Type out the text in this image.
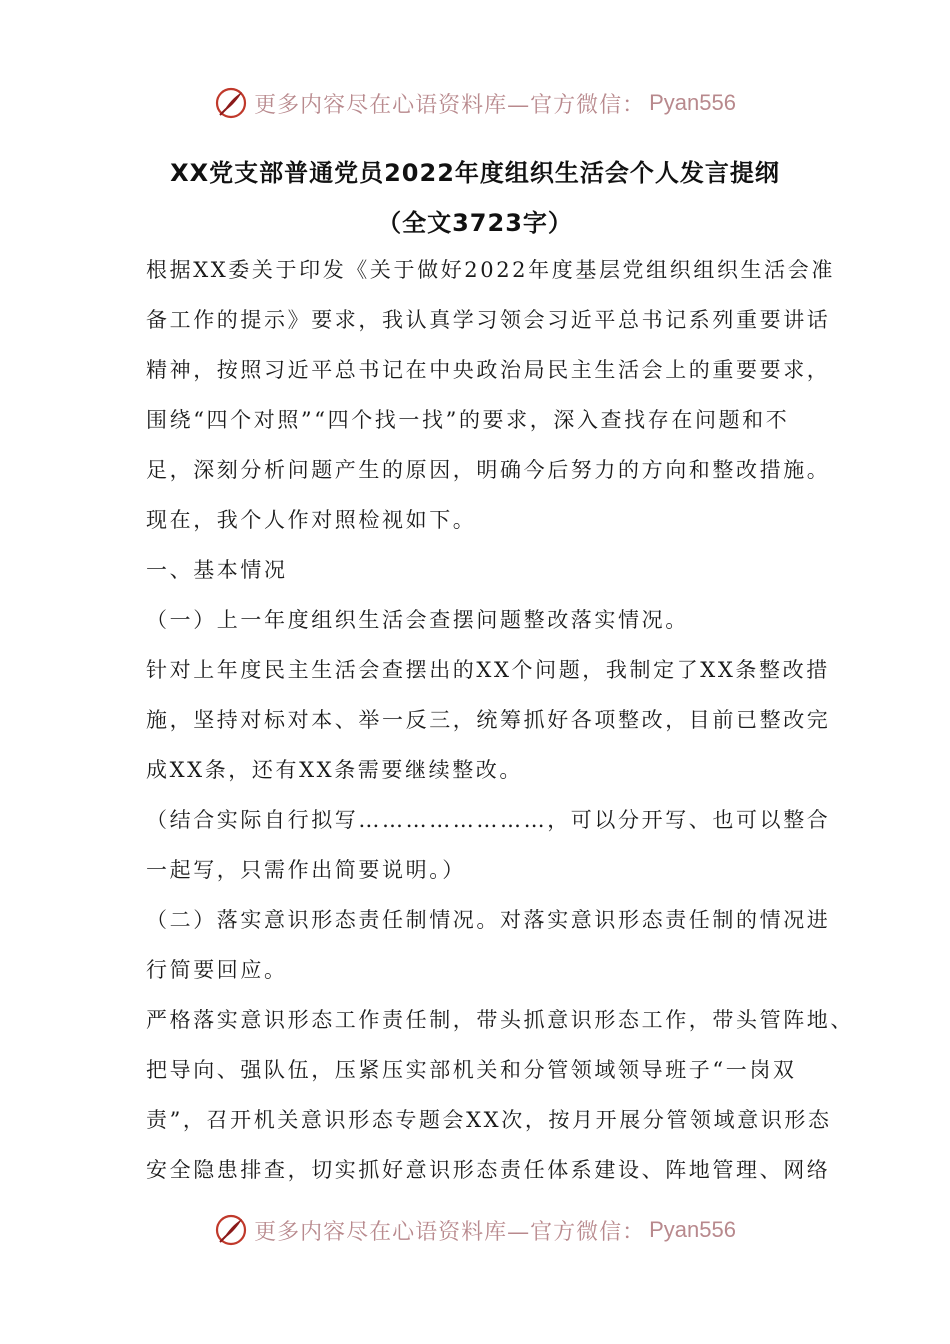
更多内容尽在心语资料库—官方微信： Pyan556
XX党支部普通党员2022年度组织生活会个人发言提纲
（全文3723字）
根据XX委关于印发《关于做好2022年度基层党组织组织生活会准
备工作的提示》要求，我认真学习领会习近平总书记系列重要讲话
精神，按照习近平总书记在中央政治局民主生活会上的重要要求，
围绕“四个对照”“四个找一找”的要求，深入查找存在问题和不
足，深刻分析问题产生的原因，明确今后努力的方向和整改措施。
现在，我个人作对照检视如下。
一、基本情况
（一）上一年度组织生活会查摆问题整改落实情况。
针对上年度民主生活会查摆出的XX个问题，我制定了XX条整改措
施，坚持对标对本、举一反三，统筹抓好各项整改，目前已整改完
成XX条，还有XX条需要继续整改。
（结合实际自行拟写……………………，可以分开写、也可以整合
一起写，只需作出简要说明。）
（二）落实意识形态责任制情况。对落实意识形态责任制的情况进
行简要回应。
严格落实意识形态工作责任制，带头抓意识形态工作，带头管阵地、
把导向、强队伍，压紧压实部机关和分管领域领导班子“一岗双
责”，召开机关意识形态专题会XX次，按月开展分管领域意识形态
安全隐患排查，切实抓好意识形态责任体系建设、阵地管理、网络
更多内容尽在心语资料库—官方微信： Pyan556
